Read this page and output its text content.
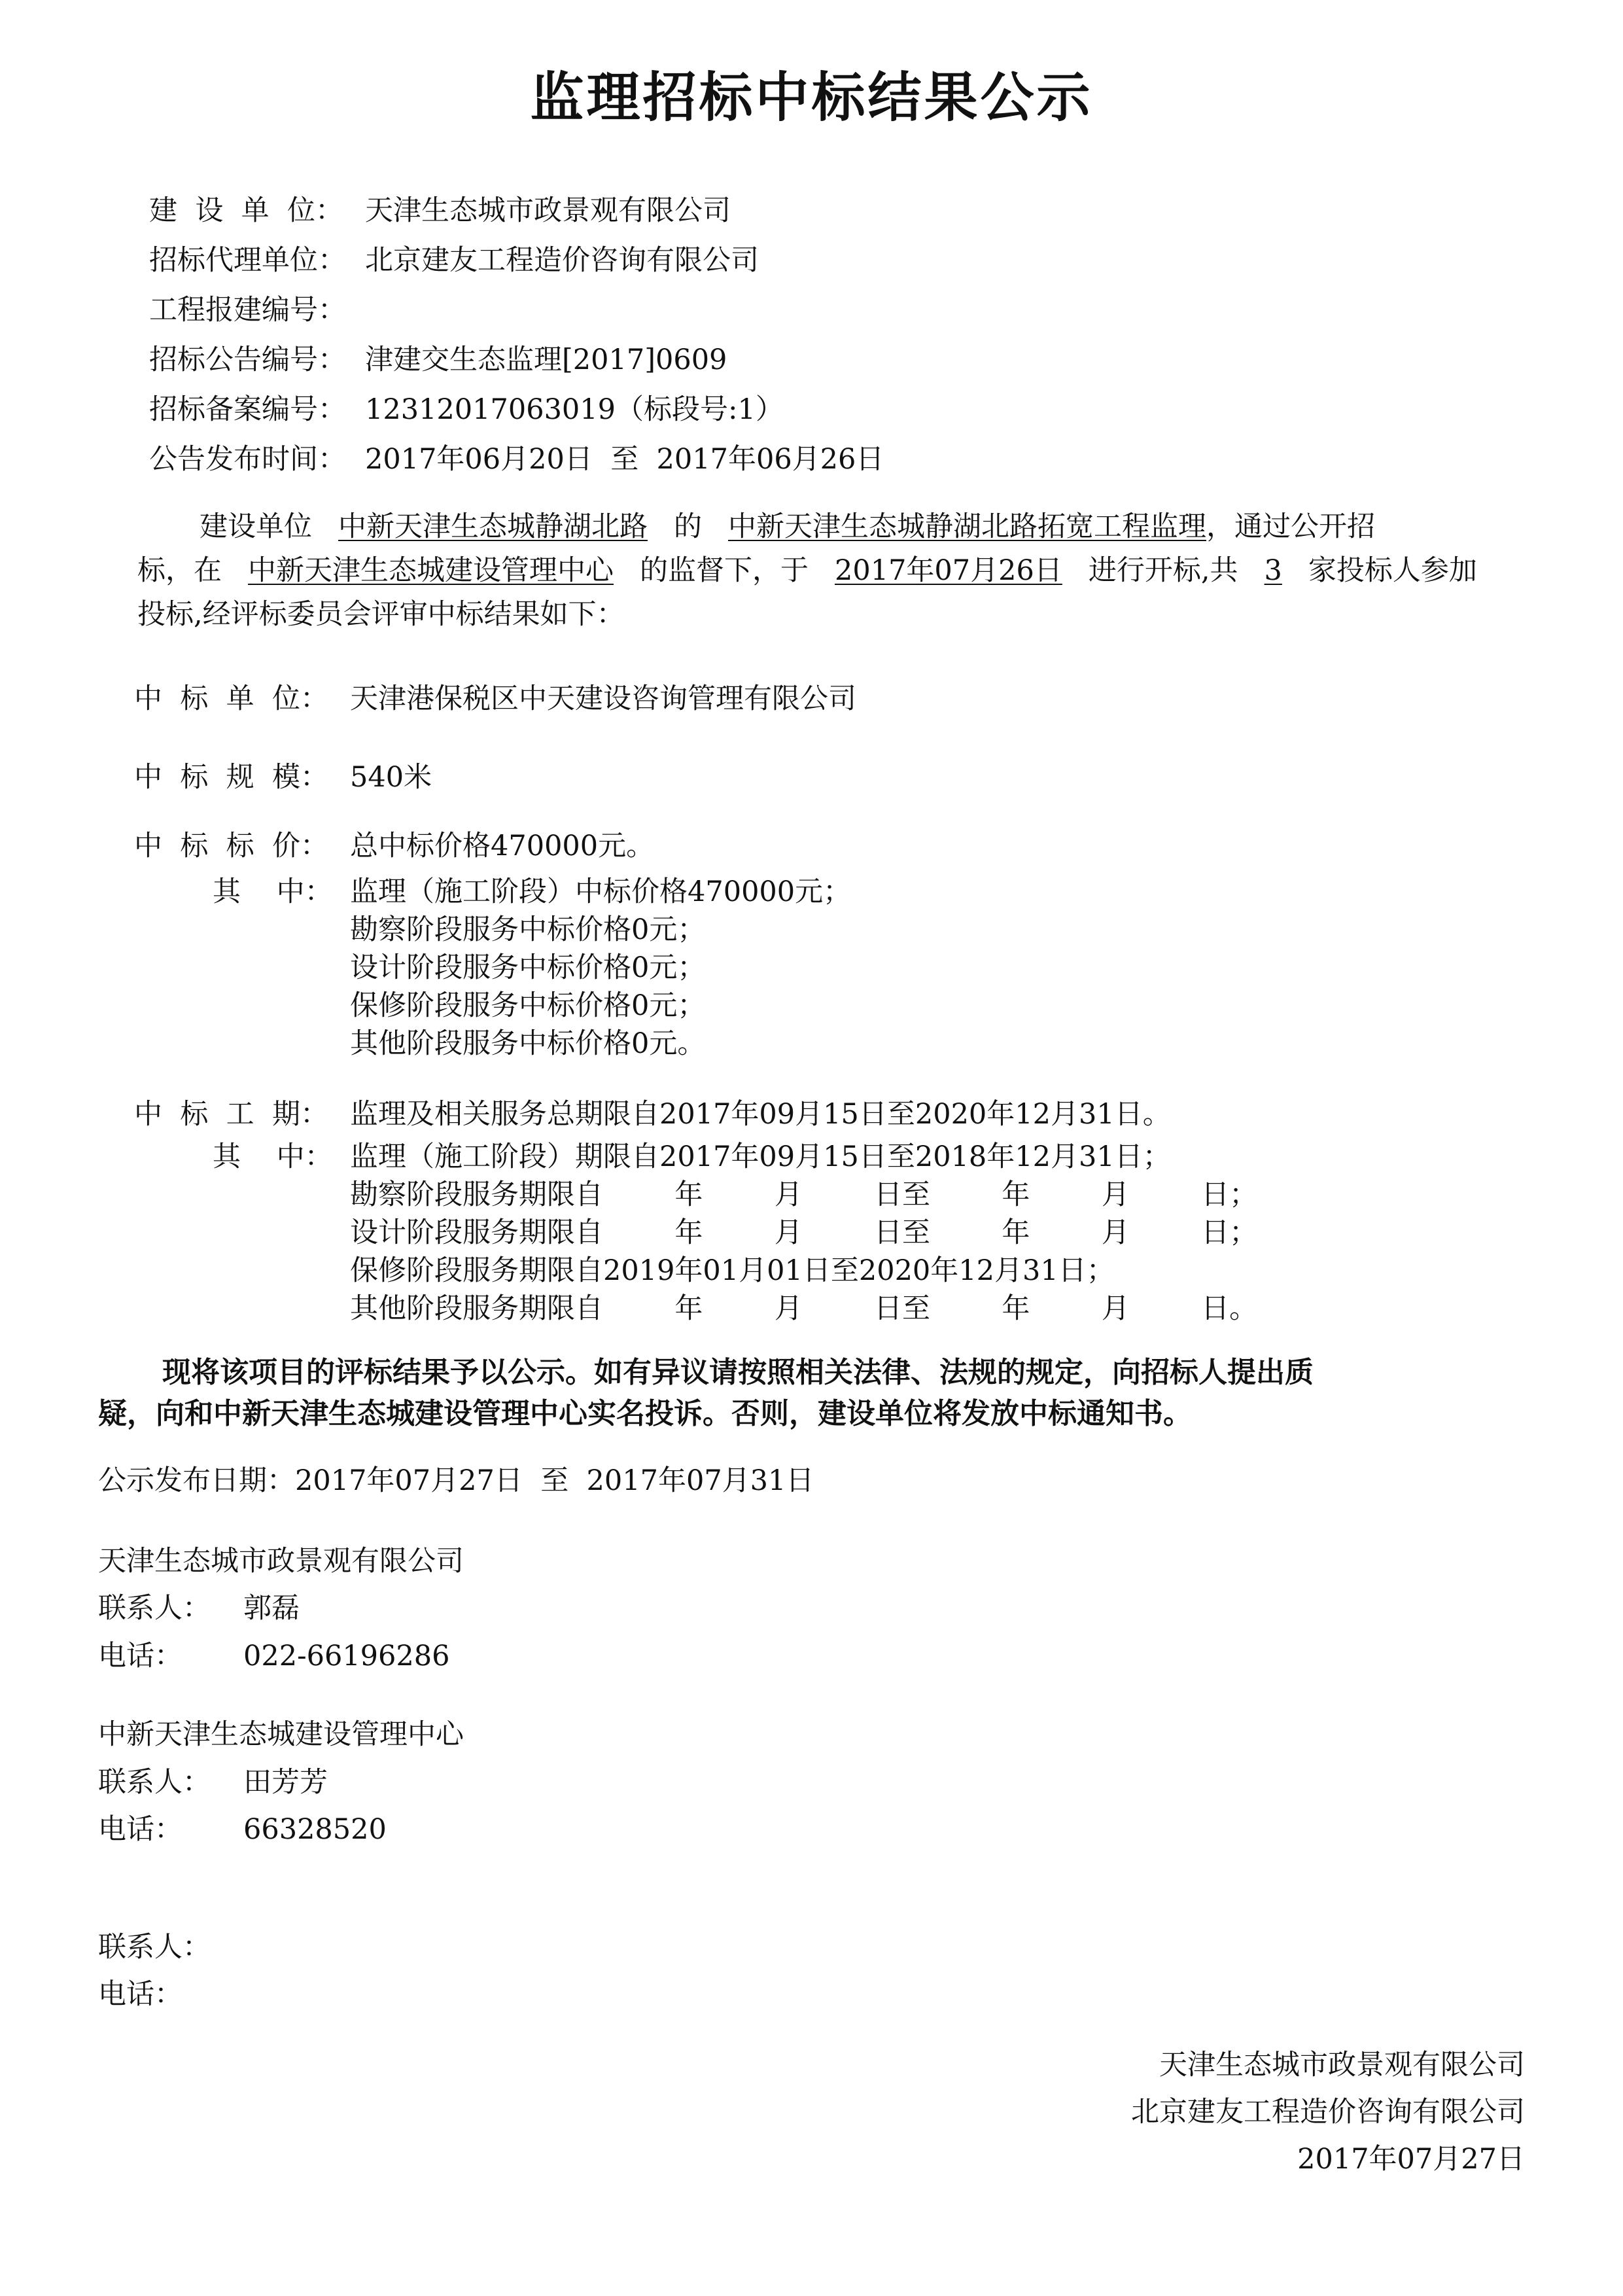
监理招标中标结果公示
建  设  单  位： 天津生态城市政景观有限公司
招标代理单位： 北京建友工程造价咨询有限公司
工程报建编号：
招标公告编号： 津建交生态监理[2017]0609
招标备案编号： 12312017063019（标段号:1）
公告发布时间： 2017年06月20日  至  2017年06月26日
建设单位 中新天津生态城静湖北路 的 中新天津生态城静湖北路拓宽工程监理，通过公开招
标，在 中新天津生态城建设管理中心 的监督下，于 2017年07月26日 进行开标,共 3 家投标人参加
投标,经评标委员会评审中标结果如下：
中  标  单  位： 天津港保税区中天建设咨询管理有限公司
中  标  规  模： 540米
中  标  标  价： 总中标价格470000元。
其    中： 监理（施工阶段）中标价格470000元；
勘察阶段服务中标价格0元；
设计阶段服务中标价格0元；
保修阶段服务中标价格0元；
其他阶段服务中标价格0元。
中  标  工  期： 监理及相关服务总期限自2017年09月15日至2020年12月31日。
其    中： 监理（施工阶段）期限自2017年09月15日至2018年12月31日；
勘察阶段服务期限自        年        月        日至        年        月        日；
设计阶段服务期限自        年        月        日至        年        月        日；
保修阶段服务期限自2019年01月01日至2020年12月31日；
其他阶段服务期限自        年        月        日至        年        月        日。
现将该项目的评标结果予以公示。如有异议请按照相关法律、法规的规定，向招标人提出质
疑，向和中新天津生态城建设管理中心实名投诉。否则，建设单位将发放中标通知书。
公示发布日期：2017年07月27日  至  2017年07月31日
天津生态城市政景观有限公司
联系人： 郭磊
电话： 022-66196286
中新天津生态城建设管理中心
联系人： 田芳芳
电话： 66328520
联系人：
电话：
天津生态城市政景观有限公司
北京建友工程造价咨询有限公司
2017年07月27日
